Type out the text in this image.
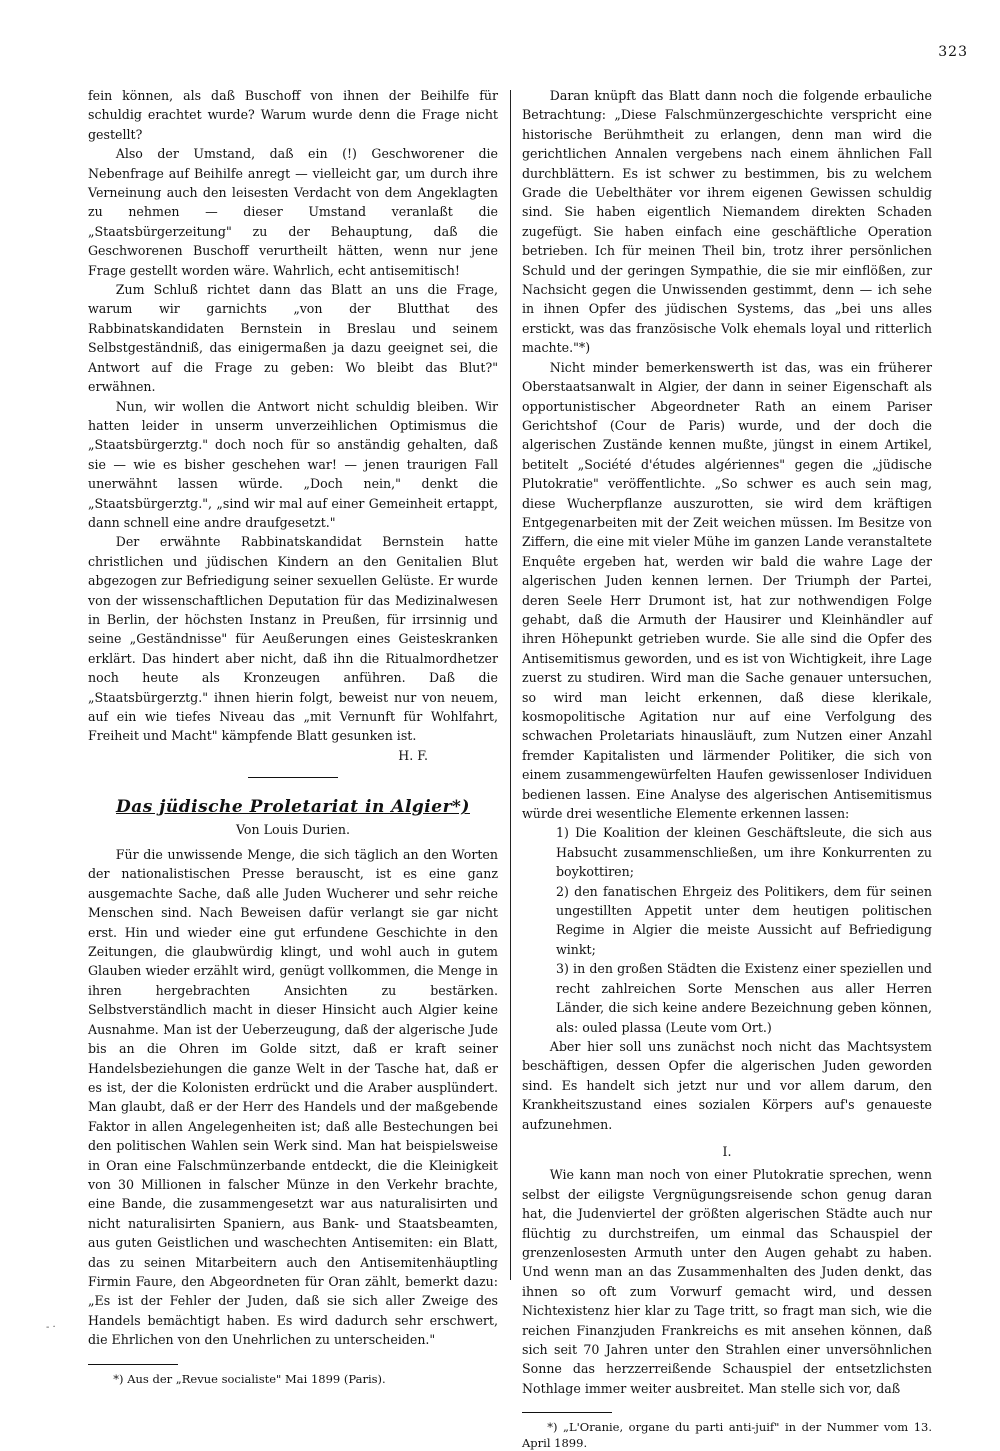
323

fein können, als daß Buschoff von ihnen der Beihilfe für schuldig erachtet wurde? Warum wurde denn die Frage nicht gestellt?

Also der Umstand, daß ein (!) Geschworener die Nebenfrage auf Beihilfe anregt — vielleicht gar, um durch ihre Verneinung auch den leisesten Verdacht von dem Angeklagten zu nehmen — dieser Umstand veranlaßt die „Staatsbürgerzeitung" zu der Behauptung, daß die Geschworenen Buschoff verurtheilt hätten, wenn nur jene Frage gestellt worden wäre. Wahrlich, echt antisemitisch!

Zum Schluß richtet dann das Blatt an uns die Frage, warum wir garnichts „von der Blutthat des Rabbinatskandidaten Bernstein in Breslau und seinem Selbstgeständniß, das einigermaßen ja dazu geeignet sei, die Antwort auf die Frage zu geben: Wo bleibt das Blut?" erwähnen.

Nun, wir wollen die Antwort nicht schuldig bleiben. Wir hatten leider in unserm unverzeihlichen Optimismus die „Staatsbürgerztg." doch noch für so anständig gehalten, daß sie — wie es bisher geschehen war! — jenen traurigen Fall unerwähnt lassen würde. „Doch nein," denkt die „Staatsbürgerztg.", „sind wir mal auf einer Gemeinheit ertappt, dann schnell eine andre draufgesetzt."

Der erwähnte Rabbinatskandidat Bernstein hatte christlichen und jüdischen Kindern an den Genitalien Blut abgezogen zur Befriedigung seiner sexuellen Gelüste. Er wurde von der wissenschaftlichen Deputation für das Medizinalwesen in Berlin, der höchsten Instanz in Preußen, für irrsinnig und seine „Geständnisse" für Aeußerungen eines Geisteskranken erklärt. Das hindert aber nicht, daß ihn die Ritualmordhetzer noch heute als Kronzeugen anführen. Daß die „Staatsbürgerztg." ihnen hierin folgt, beweist nur von neuem, auf ein wie tiefes Niveau das „mit Vernunft für Wohlfahrt, Freiheit und Macht" kämpfende Blatt gesunken ist.

H. F.
Das jüdische Proletariat in Algier*)
Von Louis Durien.

Für die unwissende Menge, die sich täglich an den Worten der nationalistischen Presse berauscht, ist es eine ganz ausgemachte Sache, daß alle Juden Wucherer und sehr reiche Menschen sind. Nach Beweisen dafür verlangt sie gar nicht erst. Hin und wieder eine gut erfundene Geschichte in den Zeitungen, die glaubwürdig klingt, und wohl auch in gutem Glauben wieder erzählt wird, genügt vollkommen, die Menge in ihren hergebrachten Ansichten zu bestärken. Selbstverständlich macht in dieser Hinsicht auch Algier keine Ausnahme. Man ist der Ueberzeugung, daß der algerische Jude bis an die Ohren im Golde sitzt, daß er kraft seiner Handelsbeziehungen die ganze Welt in der Tasche hat, daß er es ist, der die Kolonisten erdrückt und die Araber ausplündert. Man glaubt, daß er der Herr des Handels und der maßgebende Faktor in allen Angelegenheiten ist; daß alle Bestechungen bei den politischen Wahlen sein Werk sind. Man hat beispielsweise in Oran eine Falschmünzerbande entdeckt, die die Kleinigkeit von 30 Millionen in falscher Münze in den Verkehr brachte, eine Bande, die zusammengesetzt war aus naturalisirten und nicht naturalisirten Spaniern, aus Bank- und Staatsbeamten, aus guten Geistlichen und waschechten Antisemiten: ein Blatt, das zu seinen Mitarbeitern auch den Antisemitenhäuptling Firmin Faure, den Abgeordneten für Oran zählt, bemerkt dazu: „Es ist der Fehler der Juden, daß sie sich aller Zweige des Handels bemächtigt haben. Es wird dadurch sehr erschwert, die Ehrlichen von den Unehrlichen zu unterscheiden."

*) Aus der „Revue socialiste" Mai 1899 (Paris).

Daran knüpft das Blatt dann noch die folgende erbauliche Betrachtung: „Diese Falschmünzergeschichte verspricht eine historische Berühmtheit zu erlangen, denn man wird die gerichtlichen Annalen vergebens nach einem ähnlichen Fall durchblättern. Es ist schwer zu bestimmen, bis zu welchem Grade die Uebelthäter vor ihrem eigenen Gewissen schuldig sind. Sie haben eigentlich Niemandem direkten Schaden zugefügt. Sie haben einfach eine geschäftliche Operation betrieben. Ich für meinen Theil bin, trotz ihrer persönlichen Schuld und der geringen Sympathie, die sie mir einflößen, zur Nachsicht gegen die Unwissenden gestimmt, denn — ich sehe in ihnen Opfer des jüdischen Systems, das „bei uns alles erstickt, was das französische Volk ehemals loyal und ritterlich machte."*)

Nicht minder bemerkenswerth ist das, was ein früherer Oberstaatsanwalt in Algier, der dann in seiner Eigenschaft als opportunistischer Abgeordneter Rath an einem Pariser Gerichtshof (Cour de Paris) wurde, und der doch die algerischen Zustände kennen mußte, jüngst in einem Artikel, betitelt „Société d'études algériennes" gegen die „jüdische Plutokratie" veröffentlichte. „So schwer es auch sein mag, diese Wucherpflanze auszurotten, sie wird dem kräftigen Entgegenarbeiten mit der Zeit weichen müssen. Im Besitze von Ziffern, die eine mit vieler Mühe im ganzen Lande veranstaltete Enquête ergeben hat, werden wir bald die wahre Lage der algerischen Juden kennen lernen. Der Triumph der Partei, deren Seele Herr Drumont ist, hat zur nothwendigen Folge gehabt, daß die Armuth der Hausirer und Kleinhändler auf ihren Höhepunkt getrieben wurde. Sie alle sind die Opfer des Antisemitismus geworden, und es ist von Wichtigkeit, ihre Lage zuerst zu studiren. Wird man die Sache genauer untersuchen, so wird man leicht erkennen, daß diese klerikale, kosmopolitische Agitation nur auf eine Verfolgung des schwachen Proletariats hinausläuft, zum Nutzen einer Anzahl fremder Kapitalisten und lärmender Politiker, die sich von einem zusammengewürfelten Haufen gewissenloser Individuen bedienen lassen. Eine Analyse des algerischen Antisemitismus würde drei wesentliche Elemente erkennen lassen:

1) Die Koalition der kleinen Geschäftsleute, die sich aus Habsucht zusammenschließen, um ihre Konkurrenten zu boykottiren;

2) den fanatischen Ehrgeiz des Politikers, dem für seinen ungestillten Appetit unter dem heutigen politischen Regime in Algier die meiste Aussicht auf Befriedigung winkt;

3) in den großen Städten die Existenz einer speziellen und recht zahlreichen Sorte Menschen aus aller Herren Länder, die sich keine andere Bezeichnung geben können, als: ouled plassa (Leute vom Ort.)

Aber hier soll uns zunächst noch nicht das Machtsystem beschäftigen, dessen Opfer die algerischen Juden geworden sind. Es handelt sich jetzt nur und vor allem darum, den Krankheitszustand eines sozialen Körpers auf's genaueste aufzunehmen.

I.

Wie kann man noch von einer Plutokratie sprechen, wenn selbst der eiligste Vergnügungsreisende schon genug daran hat, die Judenviertel der größten algerischen Städte auch nur flüchtig zu durchstreifen, um einmal das Schauspiel der grenzenlosesten Armuth unter den Augen gehabt zu haben. Und wenn man an das Zusammenhalten des Juden denkt, das ihnen so oft zum Vorwurf gemacht wird, und dessen Nichtexistenz hier klar zu Tage tritt, so fragt man sich, wie die reichen Finanzjuden Frankreichs es mit ansehen können, daß sich seit 70 Jahren unter den Strahlen einer unversöhnlichen Sonne das herzzerreißende Schauspiel der entsetzlichsten Nothlage immer weiter ausbreitet. Man stelle sich vor, daß

*) „L'Oranie, organe du parti anti-juif" in der Nummer vom 13. April 1899.

- ·
